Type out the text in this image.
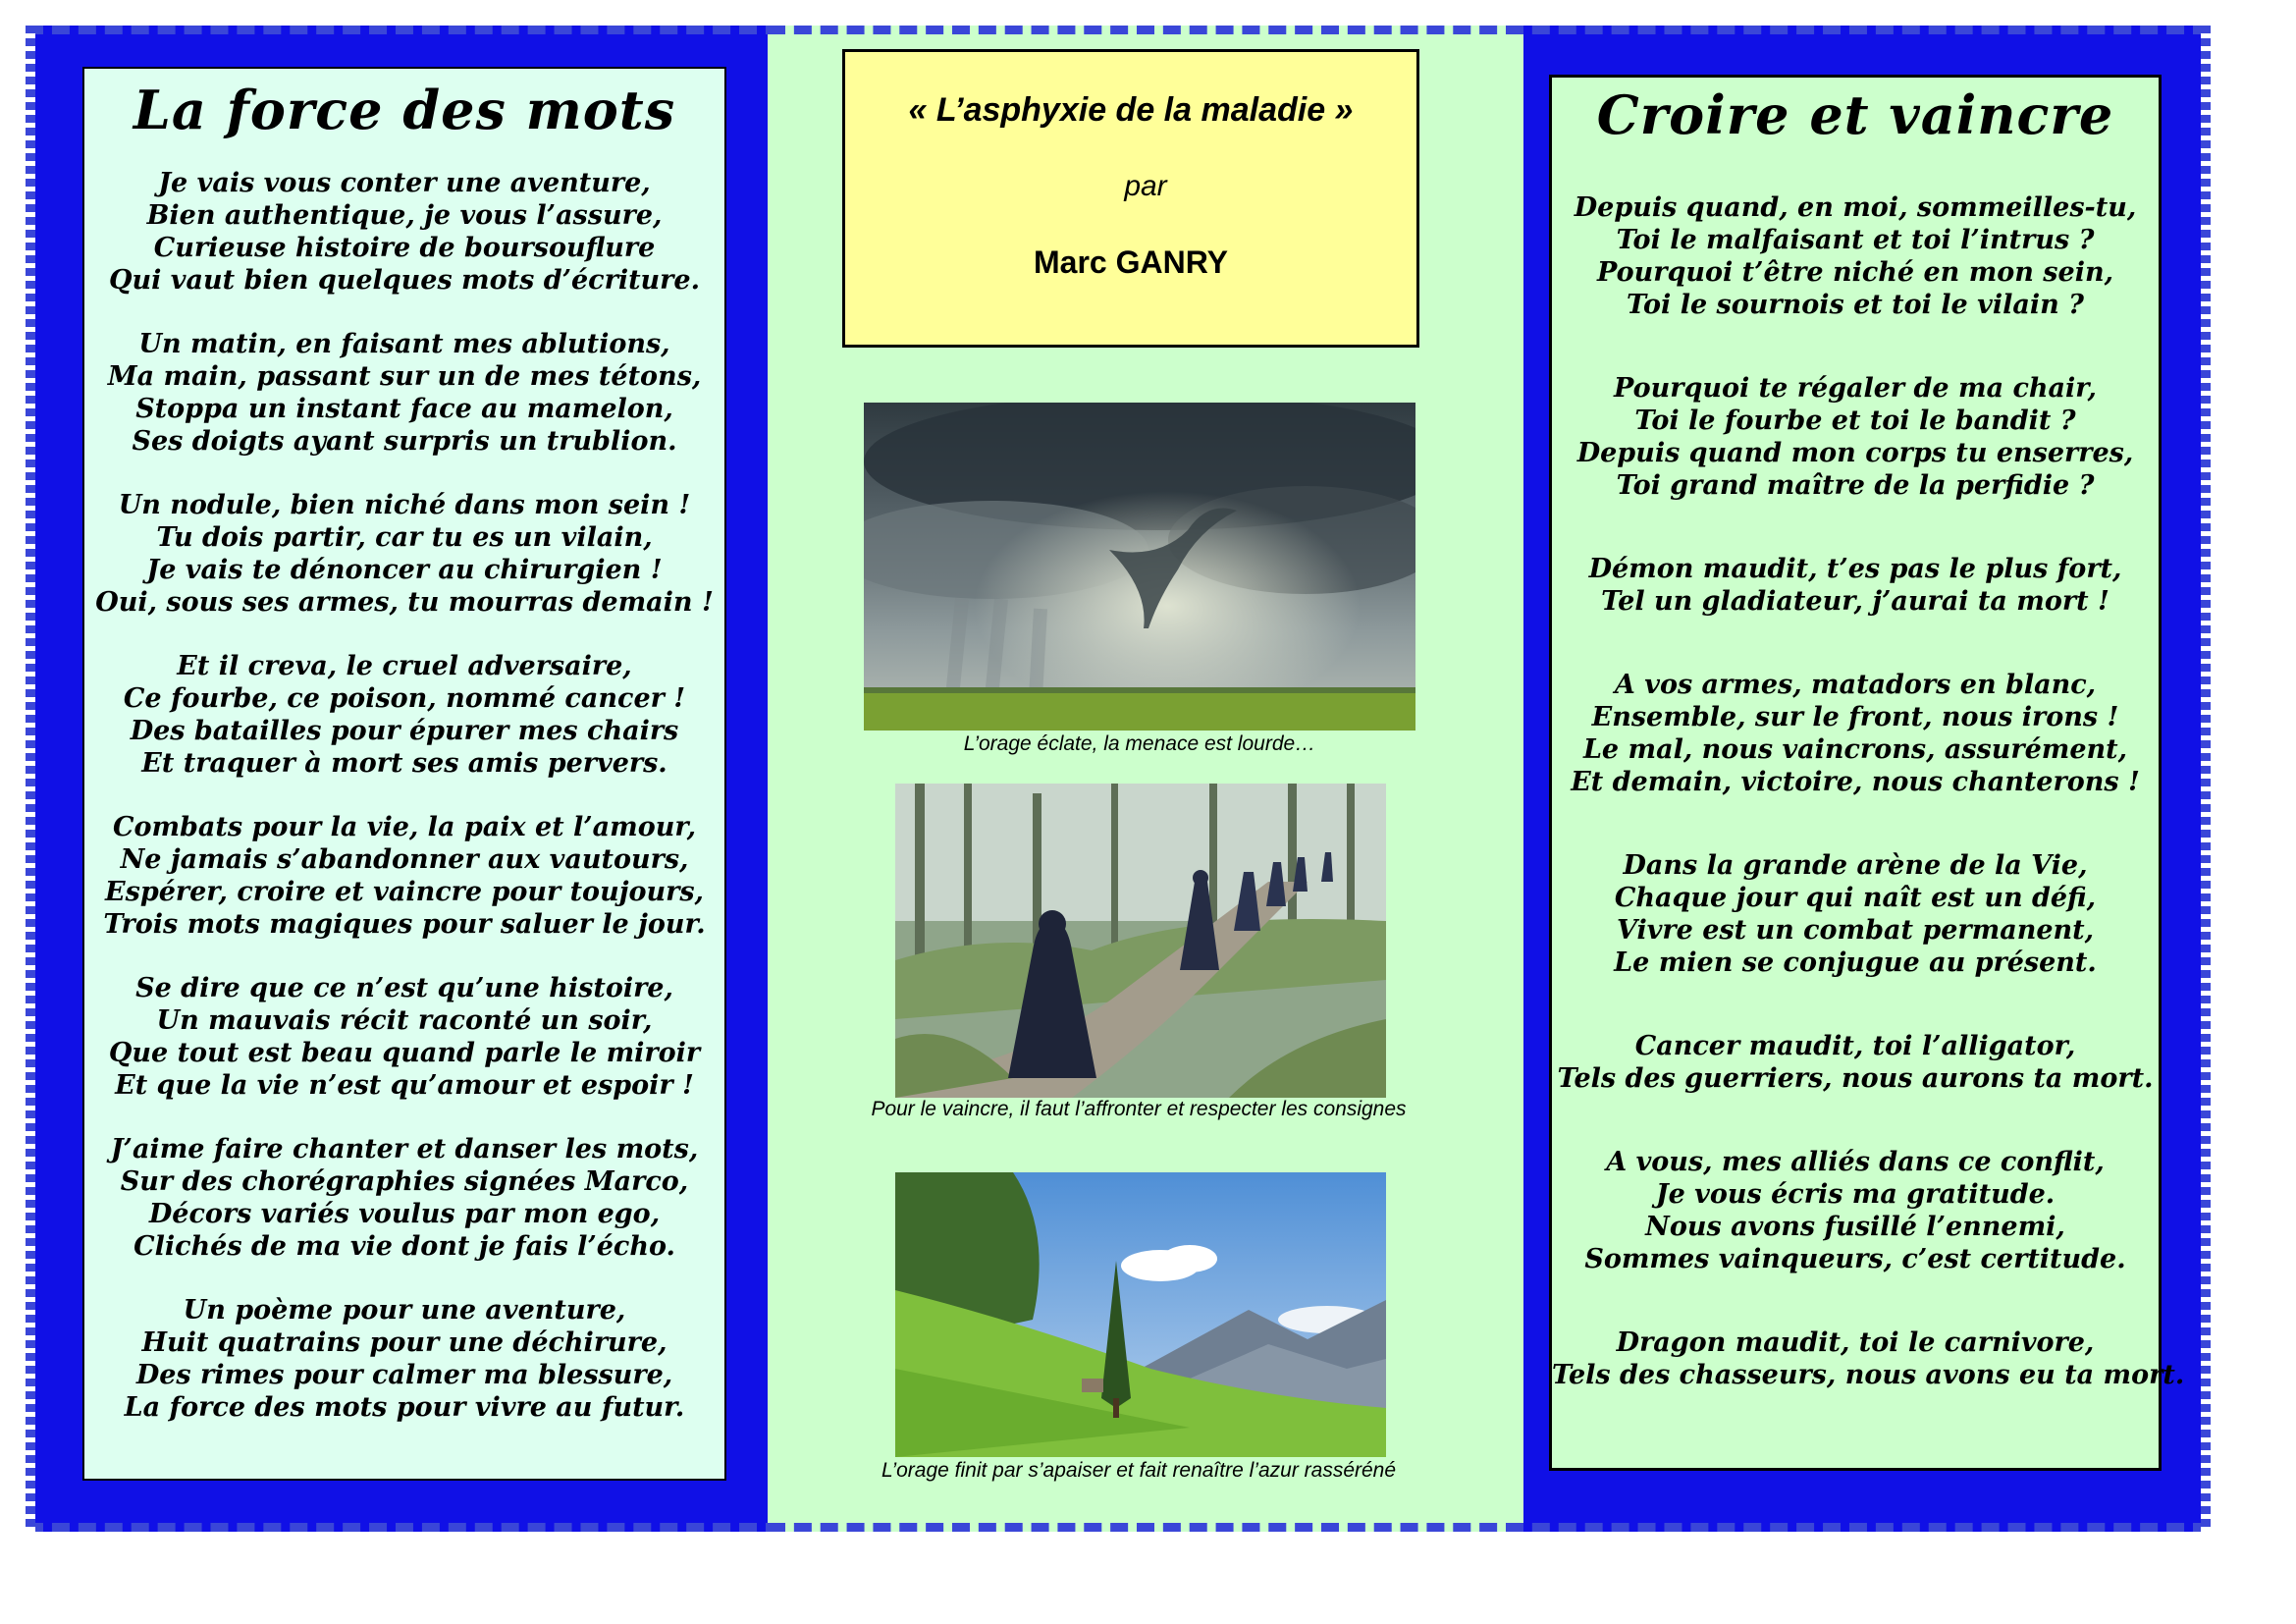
La force des mots

Je vais vous conter une aventure,
Bien authentique, je vous l’assure,
Curieuse histoire de boursouflure
Qui vaut bien quelques mots d’écriture.

Un matin, en faisant mes ablutions,
Ma main, passant sur un de mes tétons,
Stoppa un instant face au mamelon,
Ses doigts ayant surpris un trublion.

Un nodule, bien niché dans mon sein !
Tu dois partir, car tu es un vilain,
Je vais te dénoncer au chirurgien !
Oui, sous ses armes, tu mourras demain !

Et il creva, le cruel adversaire,
Ce fourbe, ce poison, nommé cancer !
Des batailles pour épurer mes chairs
Et traquer à mort ses amis pervers.

Combats pour la vie, la paix et l’amour,
Ne jamais s’abandonner aux vautours,
Espérer, croire et vaincre pour toujours,
Trois mots magiques pour saluer le jour.

Se dire que ce n’est qu’une histoire,
Un mauvais récit raconté un soir,
Que tout est beau quand parle le miroir
Et que la vie n’est qu’amour et espoir !

J’aime faire chanter et danser les mots,
Sur des chorégraphies signées Marco,
Décors variés voulus par mon ego,
Clichés de ma vie dont je fais l’écho.

Un poème pour une aventure,
Huit quatrains pour une déchirure,
Des rimes pour calmer ma blessure,
La force des mots pour vivre au futur.

« L’asphyxie de la maladie »
par
Marc GANRY
L’orage éclate, la menace est lourde…
Pour le vaincre, il faut l’affronter et respecter les consignes
L’orage finit par s’apaiser et fait renaître l’azur rasséréné
Croire et vaincre

Depuis quand, en moi, sommeilles-tu,
Toi le malfaisant et toi l’intrus ?
Pourquoi t’être niché en mon sein,
Toi le sournois et toi le vilain ?

Pourquoi te régaler de ma chair,
Toi le fourbe et toi le bandit ?
Depuis quand mon corps tu enserres,
Toi grand maître de la perfidie ?

Démon maudit, t’es pas le plus fort,
Tel un gladiateur, j’aurai ta mort !

A vos armes, matadors en blanc,
Ensemble, sur le front, nous irons !
Le mal, nous vaincrons, assurément,
Et demain, victoire, nous chanterons !

Dans la grande arène de la Vie,
Chaque jour qui naît est un défi,
Vivre est un combat permanent,
Le mien se conjugue au présent.

Cancer maudit, toi l’alligator,
Tels des guerriers, nous aurons ta mort.

A vous, mes alliés dans ce conflit,
Je vous écris ma gratitude.
Nous avons fusillé l’ennemi,
Sommes vainqueurs, c’est certitude.

Dragon maudit, toi le carnivore,
Tels des chasseurs, nous avons eu ta mort.
